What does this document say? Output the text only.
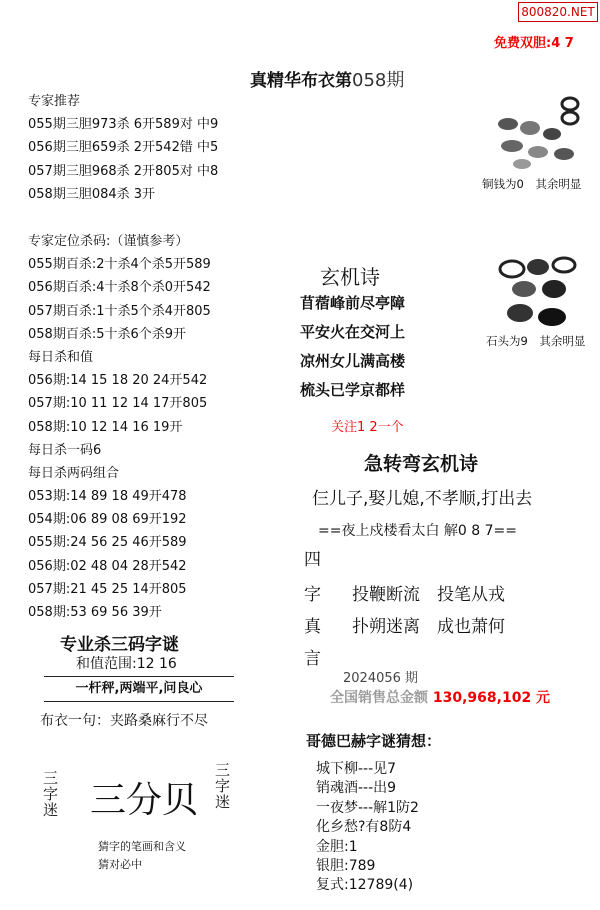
800820.NET
免费双胆:4 7
真精华布衣第 058期
专家推荐
055期三胆973杀 6开589对 中9
056期三胆659杀 2开542错 中5
057期三胆968杀 2开805对 中8
058期三胆084杀 3开
专家定位杀码:（谨慎参考）
055期百杀:2十杀4个杀5开589
056期百杀:4十杀8个杀0开542
057期百杀:1十杀5个杀4开805
058期百杀:5十杀6个杀9开
每日杀和值
056期:14 15 18 20 24开542
057期:10 11 12 14 17开805
058期:10 12 14 16 19开
每日杀一码6
每日杀两码组合
053期:14 89 18 49开478
054期:06 89 08 69开192
055期:24 56 25 46开589
056期:02 48 04 28开542
057期:21 45 25 14开805
058期:53 69 56 39开
专业杀三码字谜
和值范围:12 16
一杆秤,两端平,问良心
布衣一句：夹路桑麻行不尽
三字迷 三分贝 三字迷
猜字的笔画和含义
猜对必中
铜钱为0　其余明显
石头为9　其余明显
玄机诗
苜蓿峰前尽亭障
平安火在交河上
凉州女儿满高楼
梳头已学京都样
关注1 2一个
急转弯玄机诗
仨儿子,娶儿媳,不孝顺,打出去
==夜上戍楼看太白 解0 8 7==
四
字
真
言
投鞭断流　投笔从戎
扑朔迷离　成也萧何
2024056 期
全国销售总金额 130,968,102 元
哥德巴赫字谜猜想：
城下柳---见7
销魂酒---出9
一夜梦---解1防2
化乡愁?有8防4
金胆:1
银胆:789
复式:12789(4)
